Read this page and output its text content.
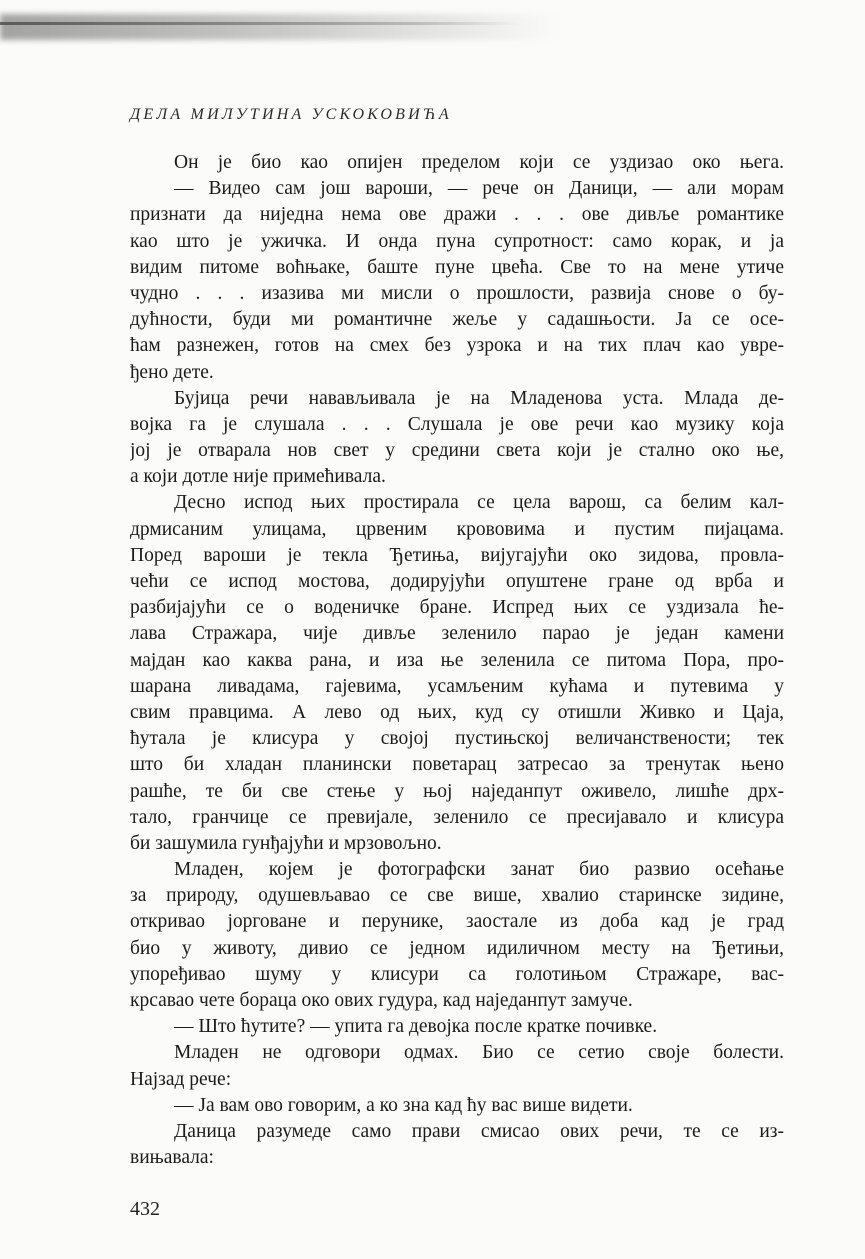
ДЕЛА МИЛУТИНА УСКОКОВИЋА
Он је био као опијен пределом који се уздизао око њега.
— Видео сам још вароши, — рече он Даници, — али морам
признати да ниједна нема ове дражи . . . ове дивље романтике
као што је ужичка. И онда пуна супротност: само корак, и ја
видим питоме воћњаке, баште пуне цвећа. Све то на мене утиче
чудно . . . изазива ми мисли о прошлости, развија снове о бу-
дућности, буди ми романтичне жеље у садашњости. Ја се осе-
ћам разнежен, готов на смех без узрока и на тих плач као увре-
ђено дете.
Бујица речи навављивала је на Младенова уста. Млада де-
војка га је слушала . . . Слушала је ове речи као музику која
јој је отварала нов свет у средини света који је стално око ње,
а који дотле није примећивала.
Десно испод њих простирала се цела варош, са белим кал-
дрмисаним улицама, црвеним крововима и пустим пијацама.
Поред вароши је текла Ђетиња, вијугајући око зидова, провла-
чећи се испод мостова, додирујући опуштене гране од врба и
разбијајући се о воденичке бране. Испред њих се уздизала ће-
лава Стражара, чије дивље зеленило парао је један камени
мајдан као каква рана, и иза ње зеленила се питома Пора, про-
шарана ливадама, гајевима, усамљеним кућама и путевима у
свим правцима. А лево од њих, куд су отишли Живко и Цаја,
ћутала је клисура у својој пустињској величанствености; тек
што би хладан планински поветарац затресао за тренутак њено
рашће, те би све стење у њој наједанпут оживело, лишће дрх-
тало, гранчице се превијале, зеленило се пресијавало и клисура
би зашумила гунђајући и мрзовољно.
Младен, којем је фотографски занат био развио осећање
за природу, одушевљавао се све више, хвалио старинске зидине,
откривао јорговане и перунике, заостале из доба кад је град
био у животу, дивио се једном идиличном месту на Ђетињи,
упоређивао шуму у клисури са голотињом Стражаре, вас-
крсавао чете бораца око ових гудура, кад наједанпут замуче.
— Што ћутите? — упита га девојка после кратке почивке.
Младен не одговори одмах. Био се сетио своје болести.
Најзад рече:
— Ја вам ово говорим, а ко зна кад ћу вас више видети.
Даница разумеде само прави смисао ових речи, те се из-
вињавала:
432
